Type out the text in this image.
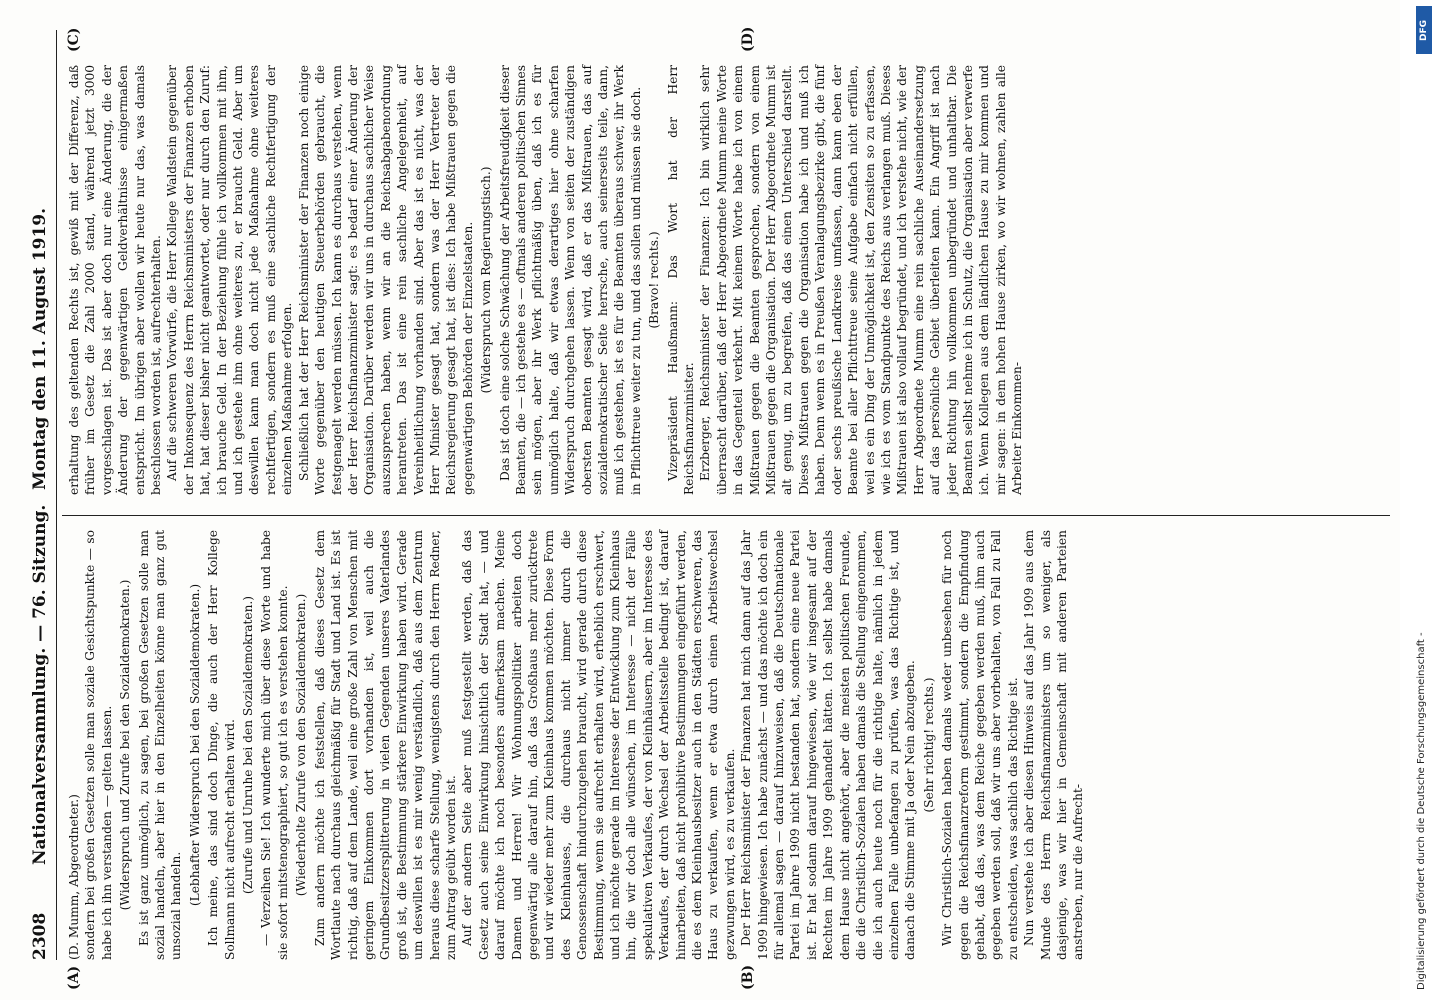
2308
Nationalversammlung. — 76. Sitzung.
Montag den 11. August 1919.
(A)	(B)
(C)	(D)

(D. Mumm, Abgeordneter.) sondern bei großen Gesetzen solle man soziale Gesichtspunkte — so habe ich ihn verstanden — gelten lassen. (Widerspruch und Zurufe bei den Sozialdemokraten.) Es ist ganz unmöglich, zu sagen, bei großen Gesetzen solle man sozial handeln, aber hier in den Einzelheiten könne man ganz gut unsozial handeln. (Lebhafter Widerspruch bei den Sozialdemokraten.) Ich meine, das sind doch Dinge, die auch der Herr Kollege Sollmann nicht aufrecht erhalten wird. (Zurufe und Unruhe bei den Sozialdemokraten.) — Verzeihen Sie! Ich wunderte mich über diese Worte und habe sie sofort mitstenographiert, so gut ich es verstehen konnte. (Wiederholte Zurufe von den Sozialdemokraten.) Zum andern möchte ich feststellen, daß dieses Gesetz dem Wortlaute nach durchaus gleichmäßig für Stadt und Land ist. Es ist richtig, daß auf dem Lande, weil eine große Zahl von Menschen mit geringem Einkommen dort vorhanden ist, weil auch die Grundbesitzzersplitterung in vielen Gegenden unseres Vaterlandes groß ist, die Bestimmung stärkere Einwirkung haben wird. Gerade um deswillen ist es mir wenig verständlich, daß aus dem Zentrum heraus diese scharfe Stellung, wenigstens durch den Herrn Redner, zum Antrag geübt worden ist. Auf der andern Seite aber muß festgestellt werden, daß das Gesetz auch seine Einwirkung hinsichtlich der Stadt hat, — und darauf möchte ich noch besonders aufmerksam machen. Meine Damen und Herren! Wir Wohnungspolitiker arbeiten doch gegenwärtig alle darauf hin, daß das Großhaus mehr zurücktrete und wir wieder mehr zum Kleinhaus kommen möchten. Diese Form des Kleinhauses, die durchaus nicht immer durch die Genossenschaft hindurchzugehen braucht, wird gerade durch diese Bestimmung, wenn sie aufrecht erhalten wird, erheblich erschwert, und ich möchte gerade im Interesse der Entwicklung zum Kleinhaus hin, die wir doch alle wünschen, im Interesse — nicht der Fälle spekulativen Verkaufes, der von Kleinhäusern, aber im Interesse des Verkaufes, der durch Wechsel der Arbeitsstelle bedingt ist, darauf hinarbeiten, daß nicht prohibitive Bestimmungen eingeführt werden, die es dem Kleinhausbesitzer auch in den Städten erschweren, das Haus zu verkaufen, wenn er etwa durch einen Arbeitswechsel gezwungen wird, es zu verkaufen. Der Herr Reichsminister der Finanzen hat mich dann auf das Jahr 1909 hingewiesen. Ich habe zunächst — und das möchte ich doch ein für allemal sagen — darauf hinzuweisen, daß die Deutschnationale Partei im Jahre 1909 nicht bestanden hat, sondern eine neue Partei ist. Er hat sodann darauf hingewiesen, wie wir insgesamt auf der Rechten im Jahre 1909 gehandelt hätten. Ich selbst habe damals dem Hause nicht angehört, aber die meisten politischen Freunde, die die Christlich-Sozialen haben damals die Stellung eingenommen, die ich auch heute noch für die richtige halte, nämlich in jedem einzelnen Falle unbefangen zu prüfen, was das Richtige ist, und danach die Stimme mit Ja oder Nein abzugeben. (Sehr richtig! rechts.) Wir Christlich-Sozialen haben damals weder unbesehen für noch gegen die Reichsfinanzreform gestimmt, sondern die Empfindung gehabt, daß das, was dem Reiche gegeben werden muß, ihm auch gegeben werden soll, daß wir uns aber vorbehalten, von Fall zu Fall zu entscheiden, was sachlich das Richtige ist. Nun verstehe ich aber diesen Hinweis auf das Jahr 1909 aus dem Munde des Herrn Reichsfinanzministers um so weniger, als dasjenige, was wir hier in Gemeinschaft mit anderen Parteien anstreben, nur die Aufrecht-

erhaltung des geltenden Rechts ist, gewiß mit der Differenz, daß früher im Gesetz die Zahl 2000 stand, während jetzt 3000 vorgeschlagen ist. Das ist aber doch nur eine Änderung, die der Änderung der gegenwärtigen Geldverhältnisse einigermaßen entspricht. Im übrigen aber wollen wir heute nur das, was damals beschlossen worden ist, aufrechterhalten. Auf die schweren Vorwürfe, die Herr Kollege Waldstein gegenüber der Inkonsequenz des Herrn Reichsministers der Finanzen erhoben hat, hat dieser bisher nicht geantwortet, oder nur durch den Zuruf: ich brauche Geld. In der Beziehung fühle ich vollkommen mit ihm, und ich gestehe ihm ohne weiteres zu, er braucht Geld. Aber um deswillen kann man doch nicht jede Maßnahme ohne weiteres rechtfertigen, sondern es muß eine sachliche Rechtfertigung der einzelnen Maßnahme erfolgen. Schließlich hat der Herr Reichsminister der Finanzen noch einige Worte gegenüber den heutigen Steuerbehörden gebraucht, die festgenagelt werden müssen. Ich kann es durchaus verstehen, wenn der Herr Reichsfinanzminister sagt: es bedarf einer Änderung der Organisation. Darüber werden wir uns in durchaus sachlicher Weise auszusprechen haben, wenn wir an die Reichsabgabenordnung herantreten. Das ist eine rein sachliche Angelegenheit, auf Vereinheitlichung vorhanden sind. Aber das ist es nicht, was der Herr Minister gesagt hat, sondern was der Herr Vertreter der Reichsregierung gesagt hat, ist dies: Ich habe Mißtrauen gegen die gegenwärtigen Behörden der Einzelstaaten. (Widerspruch vom Regierungstisch.) Das ist doch eine solche Schwächung der Arbeitsfreudigkeit dieser Beamten, die — ich gestehe es — oftmals anderen politischen Sinnes sein mögen, aber ihr Werk pflichtmäßig üben, daß ich es für unmöglich halte, daß wir etwas derartiges hier ohne scharfen Widerspruch durchgehen lassen. Wenn von seiten der zuständigen obersten Beamten gesagt wird, daß er das Mißtrauen, das auf sozialdemokratischer Seite herrsche, auch seinerseits teile, dann, muß ich gestehen, ist es für die Beamten überaus schwer, ihr Werk in Pflichttreue weiter zu tun, und das sollen und müssen sie doch. (Bravo! rechts.) Vizepräsident Haußmann: Das Wort hat der Herr Reichsfinanzminister. Erzberger, Reichsminister der Finanzen: Ich bin wirklich sehr überrascht darüber, daß der Herr Abgeordnete Mumm meine Worte in das Gegenteil verkehrt. Mit keinem Worte habe ich von einem Mißtrauen gegen die Beamten gesprochen, sondern von einem Mißtrauen gegen die Organisation. Der Herr Abgeordnete Mumm ist alt genug, um zu begreifen, daß das einen Unterschied darstellt. Dieses Mißtrauen gegen die Organisation habe ich und muß ich haben. Denn wenn es in Preußen Veranlagungsbezirke gibt, die fünf oder sechs preußische Landkreise umfassen, dann kann eben der Beamte bei aller Pflichttreue seine Aufgabe einfach nicht erfüllen, weil es ein Ding der Unmöglichkeit ist, den Zensiten so zu erfassen, wie ich es vom Standpunkte des Reichs aus verlangen muß. Dieses Mißtrauen ist also vollauf begründet, und ich verstehe nicht, wie der Herr Abgeordnete Mumm eine rein sachliche Auseinandersetzung auf das persönliche Gebiet überleiten kann. Ein Angriff ist nach jeder Richtung hin vollkommen unbegründet und unhaltbar. Die Beamten selbst nehme ich in Schutz, die Organisation aber verwerfe ich. Wenn Kollegen aus dem ländlichen Hause zu mir kommen und mir sagen: in dem hohen Hause zirken, wo wir wohnen, zahlen alle Arbeiter Einkommen-

DFG
Digitalisierung gefördert durch die Deutsche Forschungsgemeinschaft -
